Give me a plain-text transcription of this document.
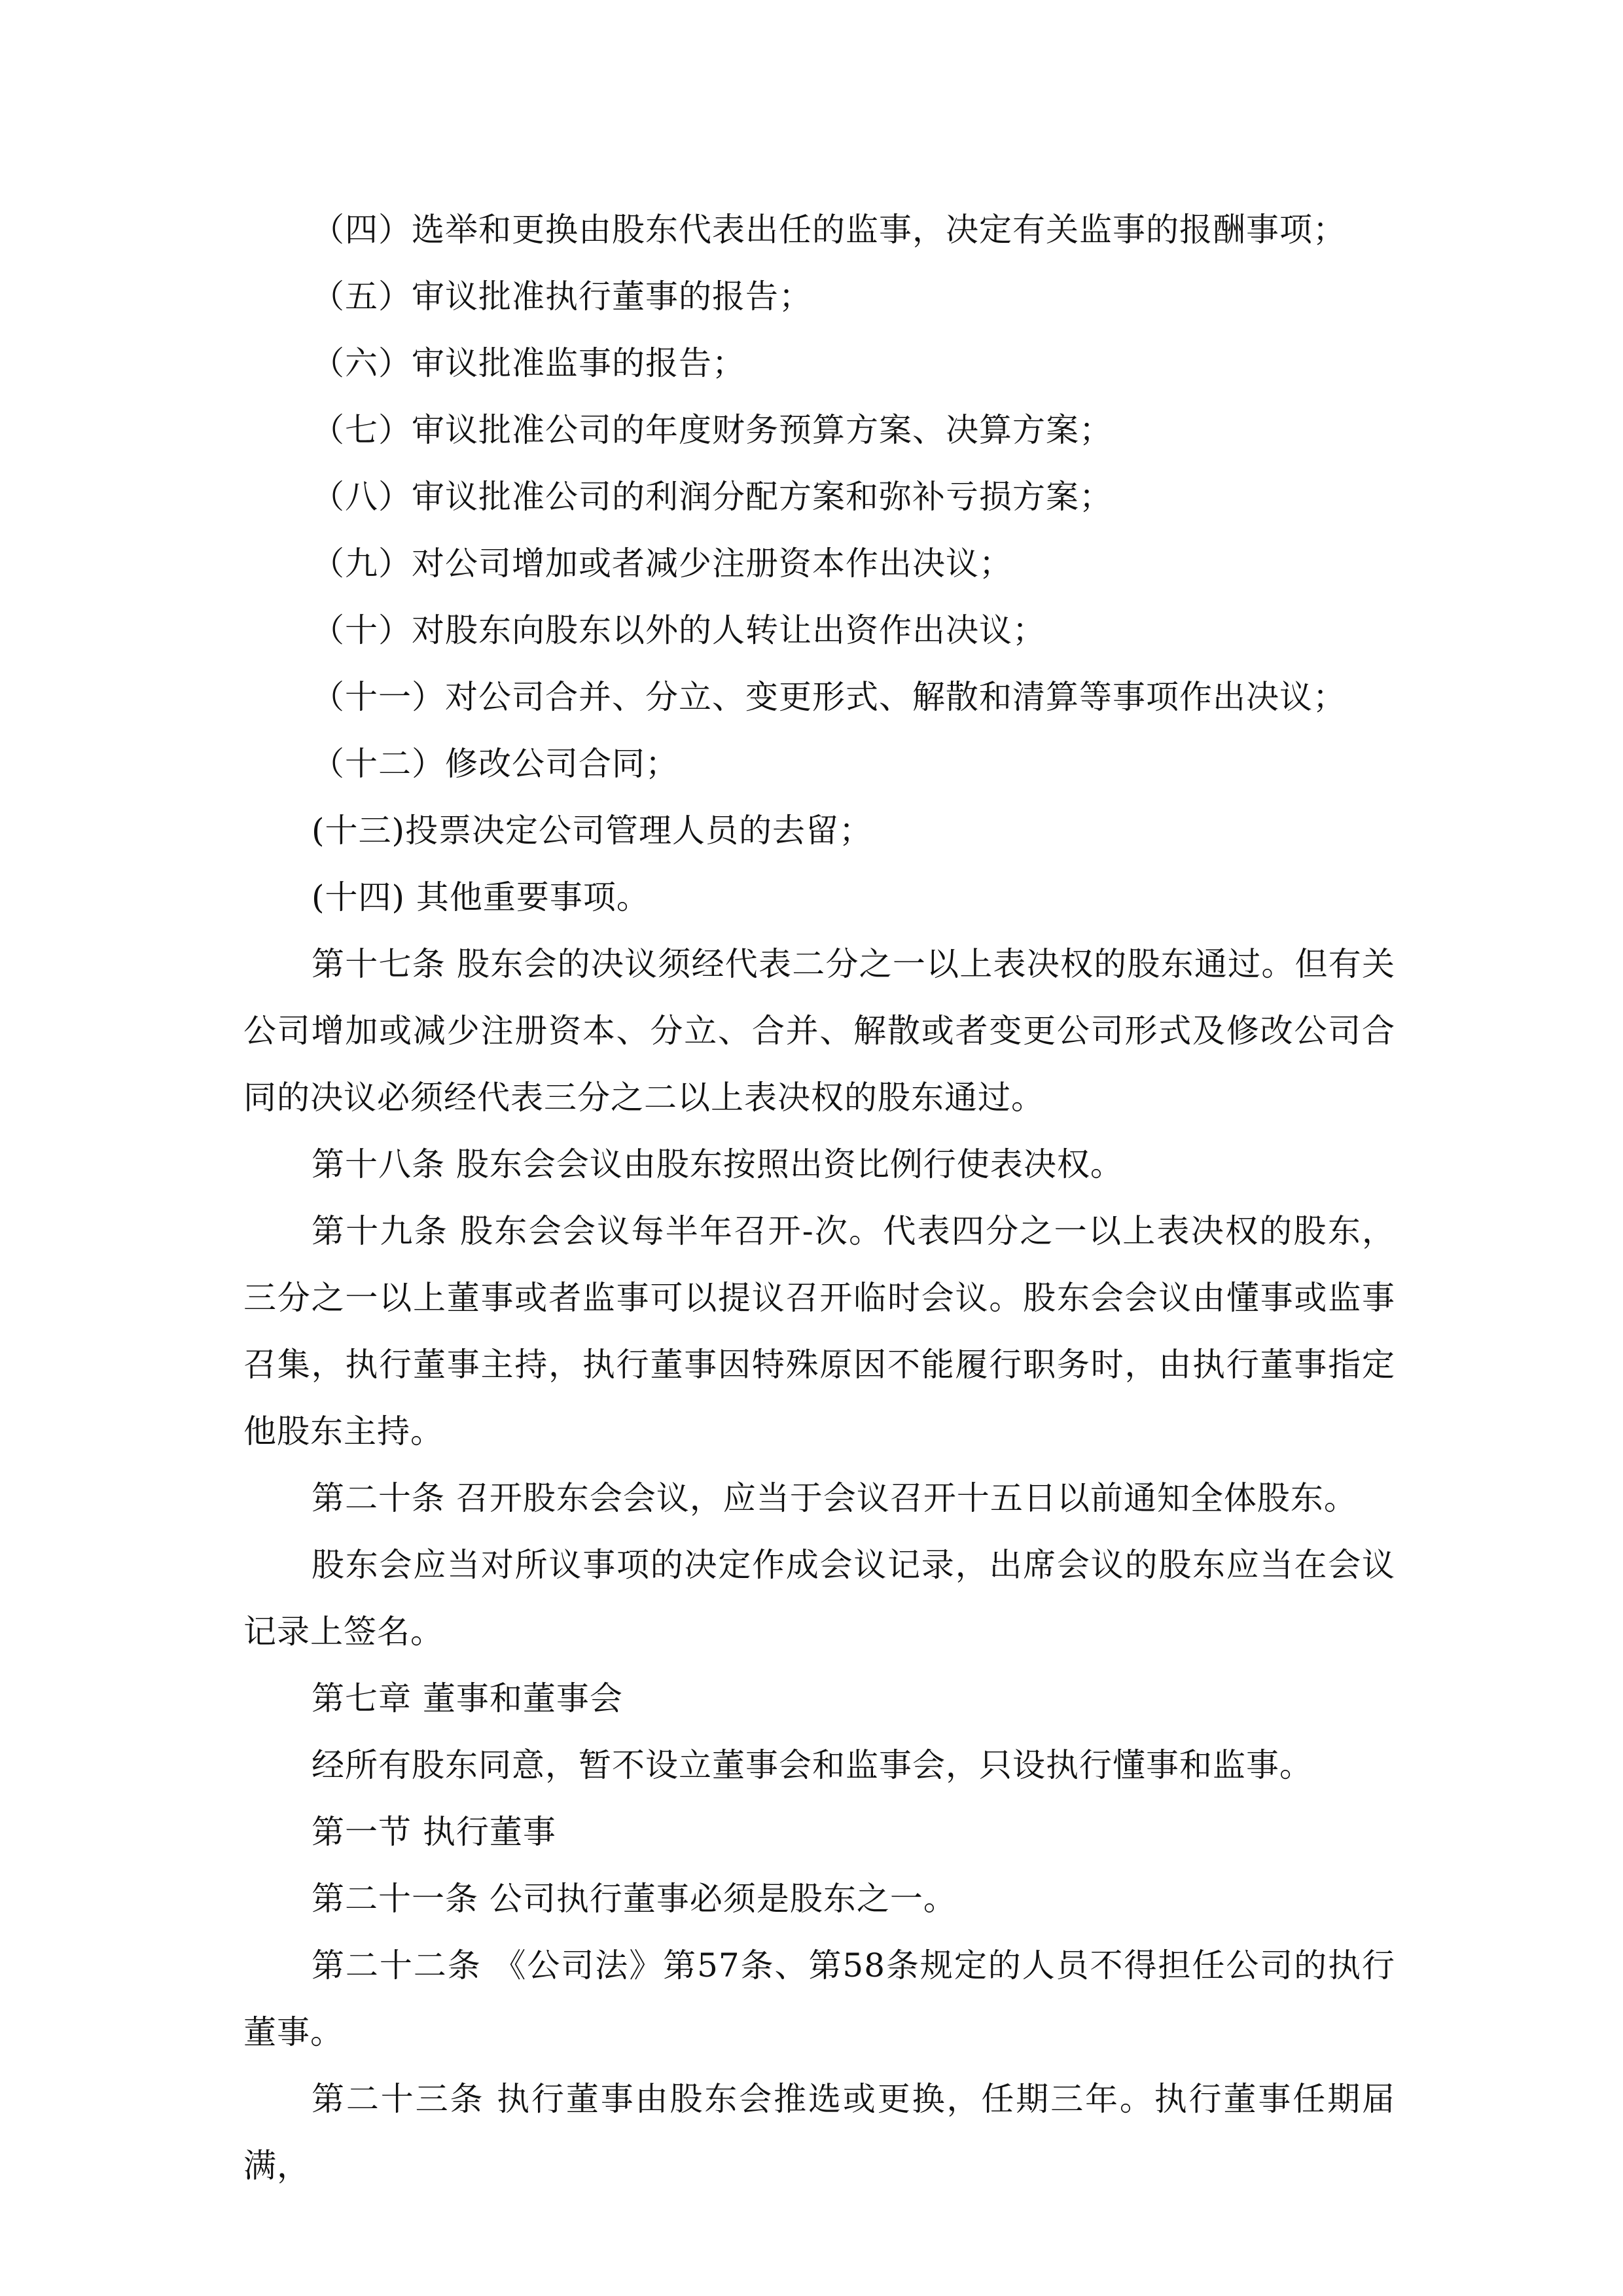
（四）选举和更换由股东代表出任的监事，决定有关监事的报酬事项；

（五）审议批准执行董事的报告；

（六）审议批准监事的报告；

（七）审议批准公司的年度财务预算方案、决算方案；

（八）审议批准公司的利润分配方案和弥补亏损方案；

（九）对公司增加或者减少注册资本作出决议；

（十）对股东向股东以外的人转让出资作出决议；

（十一）对公司合并、分立、变更形式、解散和清算等事项作出决议；

（十二）修改公司合同；

(十三)投票决定公司管理人员的去留；

(十四) 其他重要事项。

第十七条 股东会的决议须经代表二分之一以上表决权的股东通过。但有关公司增加或减少注册资本、分立、合并、解散或者变更公司形式及修改公司合同的决议必须经代表三分之二以上表决权的股东通过。

第十八条 股东会会议由股东按照出资比例行使表决权。

第十九条 股东会会议每半年召开-次。代表四分之一以上表决权的股东，三分之一以上董事或者监事可以提议召开临时会议。股东会会议由懂事或监事召集，执行董事主持，执行董事因特殊原因不能履行职务时，由执行董事指定他股东主持。

第二十条 召开股东会会议，应当于会议召开十五日以前通知全体股东。

股东会应当对所议事项的决定作成会议记录，出席会议的股东应当在会议记录上签名。

第七章 董事和董事会

经所有股东同意，暂不设立董事会和监事会，只设执行懂事和监事。

第一节 执行董事

第二十一条 公司执行董事必须是股东之一。

第二十二条 《公司法》第57条、第58条规定的人员不得担任公司的执行董事。

第二十三条 执行董事由股东会推选或更换，任期三年。执行董事任期届满，
